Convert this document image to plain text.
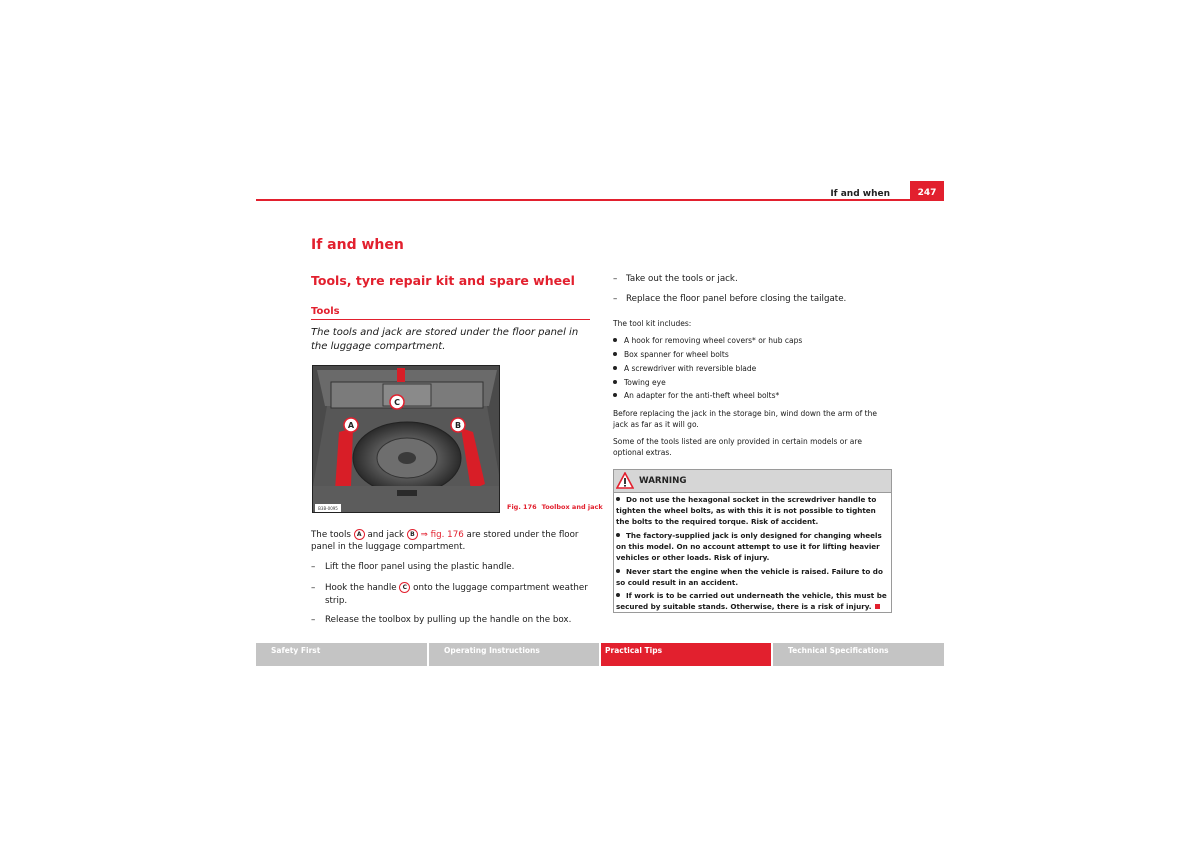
If and when	247
If and when
Tools, tyre repair kit and spare wheel
Tools
The tools and jack are stored under the floor panel in the luggage compartment.
B3B-0095
C
A	B
Fig. 176 Toolbox and jack
The tools A and jack B ⇒ fig. 176 are stored under the floor panel in the luggage compartment.
– Lift the floor panel using the plastic handle.
– Hook the handle C onto the luggage compartment weather strip.
– Release the toolbox by pulling up the handle on the box.
– Take out the tools or jack.
– Replace the floor panel before closing the tailgate.
The tool kit includes:
A hook for removing wheel covers* or hub caps
Box spanner for wheel bolts
A screwdriver with reversible blade
Towing eye
An adapter for the anti-theft wheel bolts*
Before replacing the jack in the storage bin, wind down the arm of the jack as far as it will go.
Some of the tools listed are only provided in certain models or are optional extras.
WARNING
Do not use the hexagonal socket in the screwdriver handle to tighten the wheel bolts, as with this it is not possible to tighten the bolts to the required torque. Risk of accident.
The factory-supplied jack is only designed for changing wheels on this model. On no account attempt to use it for lifting heavier vehicles or other loads. Risk of injury.
Never start the engine when the vehicle is raised. Failure to do so could result in an accident.
If work is to be carried out underneath the vehicle, this must be secured by suitable stands. Otherwise, there is a risk of injury.
Safety First	Operating Instructions	Practical Tips	Technical Specifications
